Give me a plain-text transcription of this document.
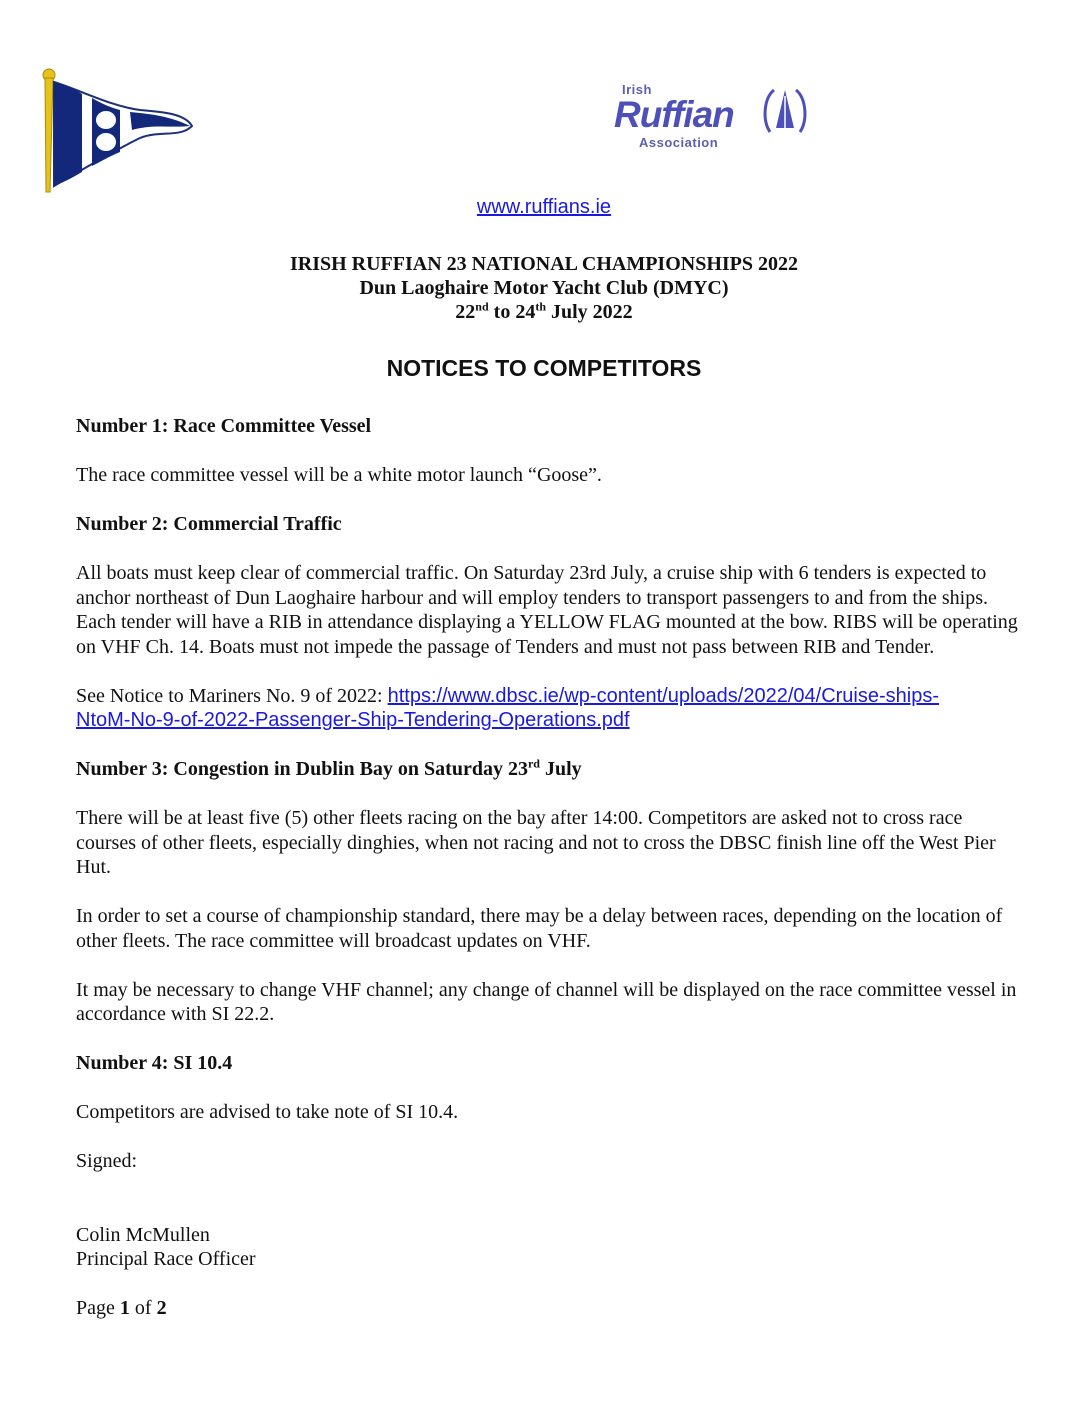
Irish
Ruffian
Association
www.ruffians.ie
IRISH RUFFIAN 23 NATIONAL CHAMPIONSHIPS 2022
Dun Laoghaire Motor Yacht Club (DMYC)
22nd to 24th July 2022
NOTICES TO COMPETITORS

Number 1: Race Committee Vessel

The race committee vessel will be a white motor launch “Goose”.

Number 2: Commercial Traffic

All boats must keep clear of commercial traffic. On Saturday 23rd July, a cruise ship with 6 tenders is expected to anchor northeast of Dun Laoghaire harbour and will employ tenders to transport passengers to and from the ships. Each tender will have a RIB in attendance displaying a YELLOW FLAG mounted at the bow. RIBS will be operating on VHF Ch. 14. Boats must not impede the passage of Tenders and must not pass between RIB and Tender.

See Notice to Mariners No. 9 of 2022: https://www.dbsc.ie/wp-content/uploads/2022/04/Cruise-ships-
NtoM-No-9-of-2022-Passenger-Ship-Tendering-Operations.pdf

Number 3: Congestion in Dublin Bay on Saturday 23rd July

There will be at least five (5) other fleets racing on the bay after 14:00. Competitors are asked not to cross race courses of other fleets, especially dinghies, when not racing and not to cross the DBSC finish line off the West Pier Hut.

In order to set a course of championship standard, there may be a delay between races, depending on the location of other fleets. The race committee will broadcast updates on VHF.

It may be necessary to change VHF channel; any change of channel will be displayed on the race committee vessel in accordance with SI 22.2.

Number 4: SI 10.4

Competitors are advised to take note of SI 10.4.

Signed:

Colin McMullen

Principal Race Officer

Page 1 of 2
